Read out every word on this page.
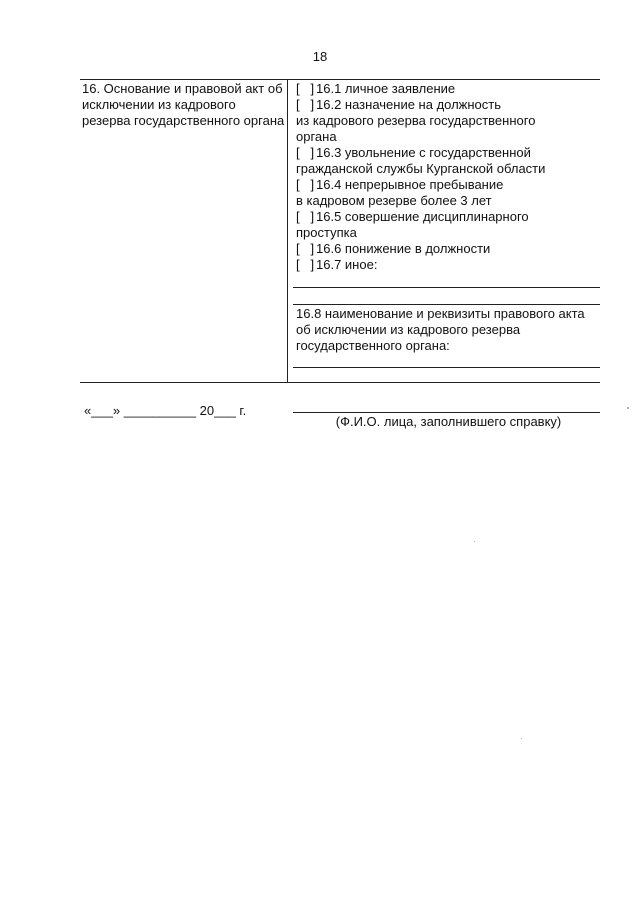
18
16. Основание и правовой акт об исключении из кадрового резерва государственного органа
[   ] 16.1 личное заявление
[   ] 16.2 назначение на должность
из кадрового резерва государственного
органа
[   ] 16.3 увольнение с государственной
гражданской службы Курганской области
[   ] 16.4 непрерывное пребывание
в кадровом резерве более 3 лет
[   ] 16.5 совершение дисциплинарного
проступка
[   ] 16.6 понижение в должности
[   ] 16.7 иное:
16.8 наименование и реквизиты правового акта об исключении из кадрового резерва государственного органа:
«___» __________ 20___ г.
(Ф.И.О. лица, заполнившего справку)
